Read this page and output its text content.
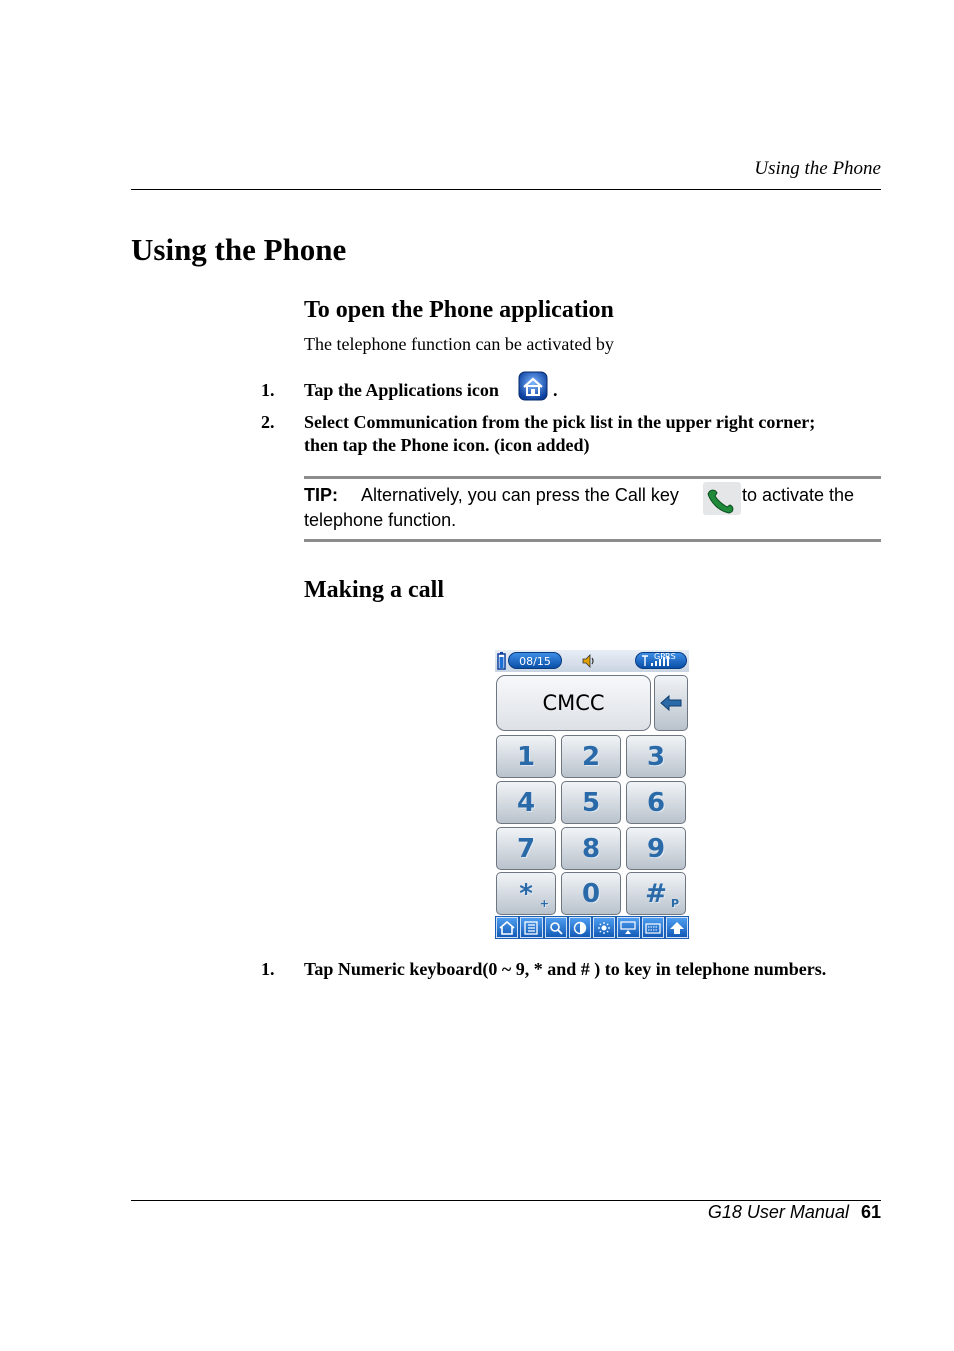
Using the Phone
Using the Phone
To open the Phone application
The telephone function can be activated by
1. Tap the Applications icon	.
2. Select Communication from the pick list in the upper right corner;
then tap the Phone icon. (icon added)
TIP: Alternatively, you can press the Call key	to activate the
telephone function.
Making a call
08/15	GPRS
CMCC
1	2	3
4	5	6
7	8	9
* +	0	# P
1. Tap Numeric keyboard(0 ~ 9, * and # ) to key in telephone numbers.
G18 User Manual 61
